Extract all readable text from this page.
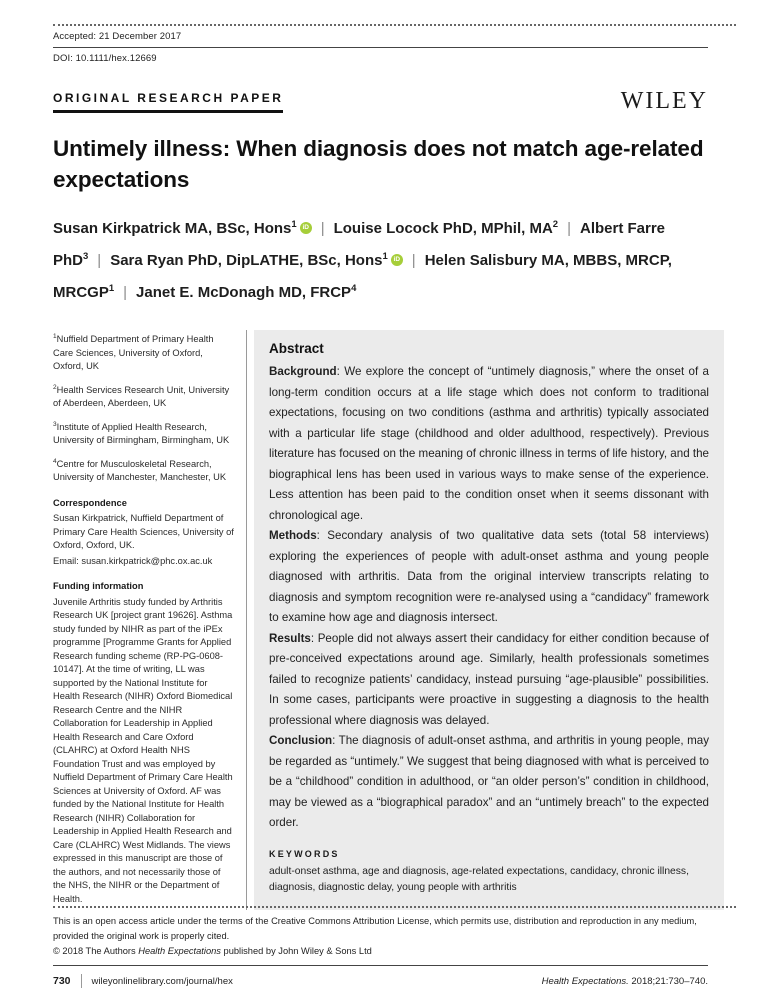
Accepted: 21 December 2017
DOI: 10.1111/hex.12669
ORIGINAL RESEARCH PAPER	WILEY
Untimely illness: When diagnosis does not match age-related expectations
Susan Kirkpatrick MA, BSc, Hons$^1$ iD | Louise Locock PhD, MPhil, $MA^2$ | Albert Farre PhD$^3$ | Sara Ryan PhD, DipLATHE, BSc, Hons$^1$ iD | Helen Salisbury MA, MBBS, MRCP, MRCGP$^1$ | Janet E. McDonagh MD, FRCP$^4$

$^1$Nuffield Department of Primary Health Care Sciences, University of Oxford, Oxford, UK

$^2$Health Services Research Unit, University of Aberdeen, Aberdeen, UK

$^3$Institute of Applied Health Research, University of Birmingham, Birmingham, UK

$^4$Centre for Musculoskeletal Research, University of Manchester, Manchester, UK

Correspondence

Susan Kirkpatrick, Nuffield Department of Primary Care Health Sciences, University of Oxford, Oxford, UK.

Email: susan.kirkpatrick@phc.ox.ac.uk

Funding information

Juvenile Arthritis study funded by Arthritis Research UK [project grant 19626]. Asthma study funded by NIHR as part of the iPEx programme [Programme Grants for Applied Research funding scheme (RP-PG-0608-10147]. At the time of writing, LL was supported by the National Institute for Health Research (NIHR) Oxford Biomedical Research Centre and the NIHR Collaboration for Leadership in Applied Health Research and Care Oxford (CLAHRC) at Oxford Health NHS Foundation Trust and was employed by Nuffield Department of Primary Care Health Sciences at University of Oxford. AF was funded by the National Institute for Health Research (NIHR) Collaboration for Leadership in Applied Health Research and Care (CLAHRC) West Midlands. The views expressed in this manuscript are those of the authors, and not necessarily those of the NHS, the NIHR or the Department of Health.

Abstract

Background: We explore the concept of “untimely diagnosis,” where the onset of a long-term condition occurs at a life stage which does not conform to traditional expectations, focusing on two conditions (asthma and arthritis) typically associated with a particular life stage (childhood and older adulthood, respectively). Previous literature has focused on the meaning of chronic illness in terms of life history, and the biographical lens has been used in various ways to make sense of the experience. Less attention has been paid to the condition onset when it seems dissonant with chronological age.

Methods: Secondary analysis of two qualitative data sets (total 58 interviews) exploring the experiences of people with adult-onset asthma and young people diagnosed with arthritis. Data from the original interview transcripts relating to diagnosis and symptom recognition were re-analysed using a “candidacy” framework to examine how age and diagnosis intersect.

Results: People did not always assert their candidacy for either condition because of pre-conceived expectations around age. Similarly, health professionals sometimes failed to recognize patients’ candidacy, instead pursuing “age-plausible” possibilities. In some cases, participants were proactive in suggesting a diagnosis to the health professional where diagnosis was delayed.

Conclusion: The diagnosis of adult-onset asthma, and arthritis in young people, may be regarded as “untimely.” We suggest that being diagnosed with what is perceived to be a “childhood” condition in adulthood, or “an older person’s” condition in childhood, may be viewed as a “biographical paradox” and an “untimely breach” to the expected order.

KEYWORDS
adult-onset asthma, age and diagnosis, age-related expectations, candidacy, chronic illness, diagnosis, diagnostic delay, young people with arthritis
This is an open access article under the terms of the Creative Commons Attribution License, which permits use, distribution and reproduction in any medium, provided the original work is properly cited.
© 2018 The Authors Health Expectations published by John Wiley & Sons Ltd
730 wileyonlinelibrary.com/journal/hex	Health Expectations. 2018;21:730–740.
